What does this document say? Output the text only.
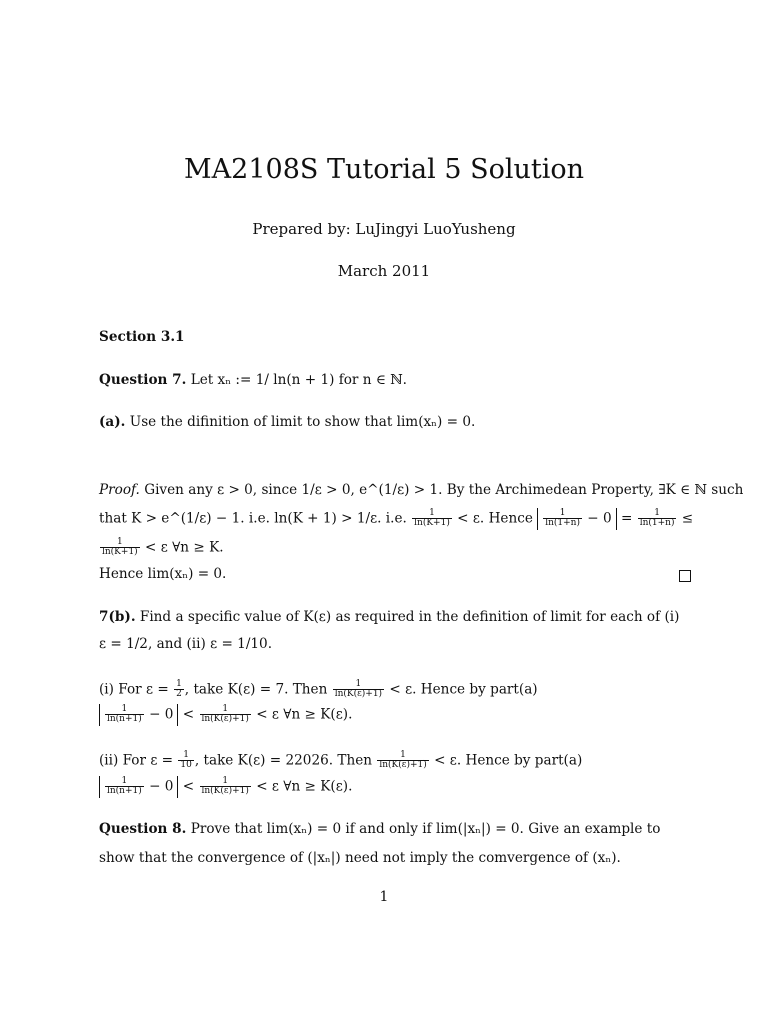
MA2108S Tutorial 5 Solution
Prepared by: LuJingyi LuoYusheng
March 2011
Section 3.1
Question 7. Let xₙ := 1/ ln(n + 1) for n ∈ ℕ.
(a). Use the difinition of limit to show that lim(xₙ) = 0.
Proof. Given any ε > 0, since 1/ε > 0, e^(1/ε) > 1. By the Archimedean Property, ∃K ∈ ℕ such
that K > e^(1/ε) − 1. i.e. ln(K + 1) > 1/ε. i.e. $\frac{1}{\ln(K+1)} < \varepsilon$. Hence $\frac{1}{\ln(1+n)} - 0 = \frac{1}{\ln(1+n)}$ ≤
$\frac{1}{\ln(K+1)} < \varepsilon$ ∀n ≥ K.
Hence lim(xₙ) = 0.
7(b). Find a specific value of K(ε) as required in the definition of limit for each of (i)
ε = 1/2, and (ii) ε = 1/10.
(i) For $\varepsilon = \frac{1}{2}$ , take K(ε) = 7. Then $\frac{1}{\ln(K(\varepsilon)+1)} < \varepsilon$. Hence by part(a)
$\frac{1}{\ln(n+1)} - 0 < \frac{1}{\ln(K(\varepsilon)+1)} < \varepsilon$ ∀n ≥ K(ε).
(ii) For $\varepsilon = \frac{1}{10}$ , take K(ε) = 22026. Then $\frac{1}{\ln(K(\varepsilon)+1)} < \varepsilon$. Hence by part(a)
$\frac{1}{\ln(n+1)} - 0 < \frac{1}{\ln(K(\varepsilon)+1)} < \varepsilon$ ∀n ≥ K(ε).
Question 8. Prove that lim(xₙ) = 0 if and only if lim(|xₙ|) = 0. Give an example to
show that the convergence of (|xₙ|) need not imply the comvergence of (xₙ).
1
